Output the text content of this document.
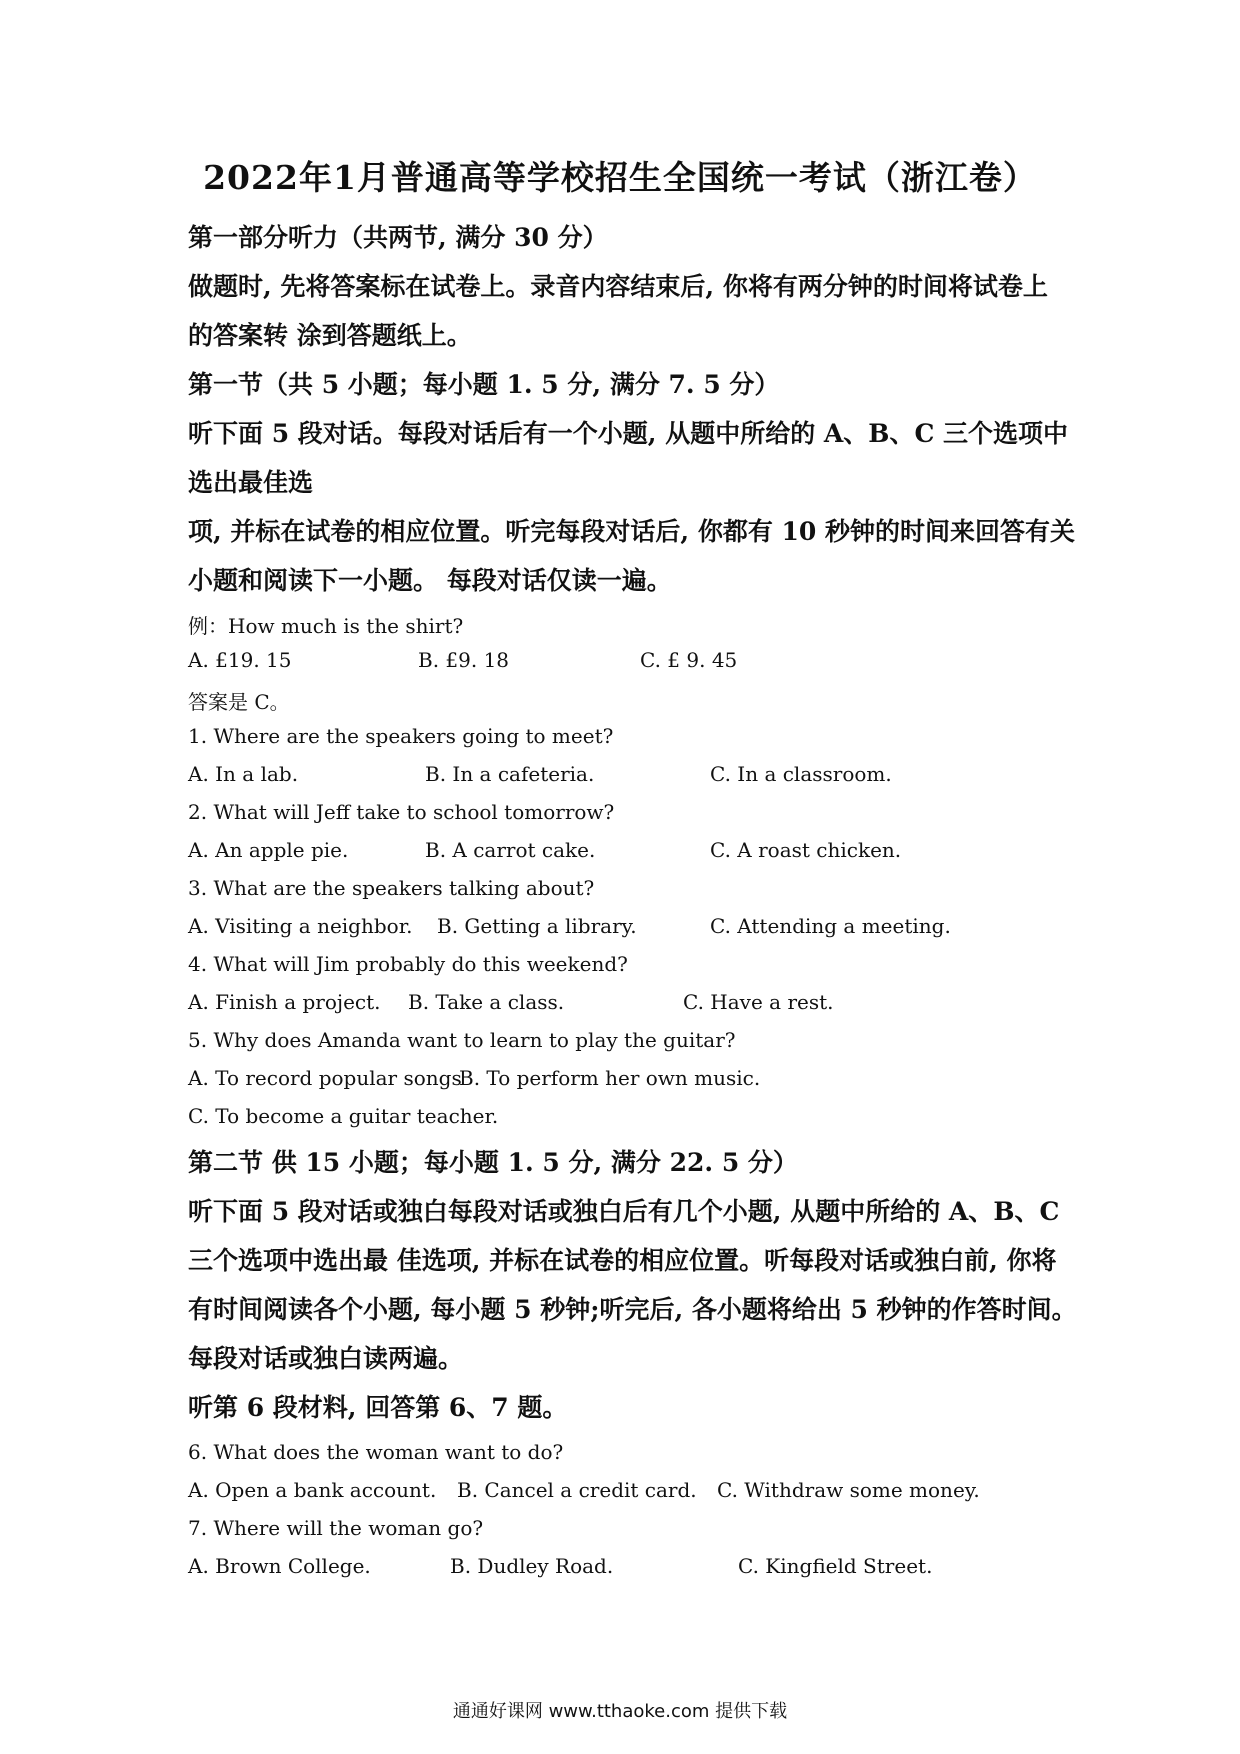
2022年1月普通高等学校招生全国统一考试（浙江卷）
第一部分听力（共两节, 满分 30 分）
做题时, 先将答案标在试卷上。录音内容结束后, 你将有两分钟的时间将试卷上
的答案转 涂到答题纸上。
第一节（共 5 小题；每小题 1. 5 分, 满分 7. 5 分）
听下面 5 段对话。每段对话后有一个小题, 从题中所给的 A、B、C 三个选项中
选出最佳选
项, 并标在试卷的相应位置。听完每段对话后, 你都有 10 秒钟的时间来回答有关
小题和阅读下一小题。 每段对话仅读一遍。
例：How much is the shirt?
A. £19. 15	B. £9. 18	C. £ 9. 45
答案是 C。
1. Where are the speakers going to meet?
A. In a lab.	B. In a cafeteria.	C. In a classroom.
2. What will Jeff take to school tomorrow?
A. An apple pie.	B. A carrot cake.	C. A roast chicken.
3. What are the speakers talking about?
A. Visiting a neighbor. B. Getting a library.	C. Attending a meeting.
4. What will Jim probably do this weekend?
A. Finish a project. B. Take a class.	C. Have a rest.
5. Why does Amanda want to learn to play the guitar?
A. To record popular songs
B. To perform her own music.
C. To become a guitar teacher.
第二节 供 15 小题；每小题 1. 5 分, 满分 22. 5 分）
听下面 5 段对话或独白每段对话或独白后有几个小题, 从题中所给的 A、B、C
三个选项中选出最 佳选项, 并标在试卷的相应位置。听每段对话或独白前, 你将
有时间阅读各个小题, 每小题 5 秒钟;听完后, 各小题将给出 5 秒钟的作答时间。
每段对话或独白读两遍。
听第 6 段材料, 回答第 6、7 题。
6. What does the woman want to do?
A. Open a bank account. B. Cancel a credit card. C. Withdraw some money.
7. Where will the woman go?
A. Brown College.	B. Dudley Road.	C. Kingfield Street.
通通好课网 www.tthaoke.com 提供下载
